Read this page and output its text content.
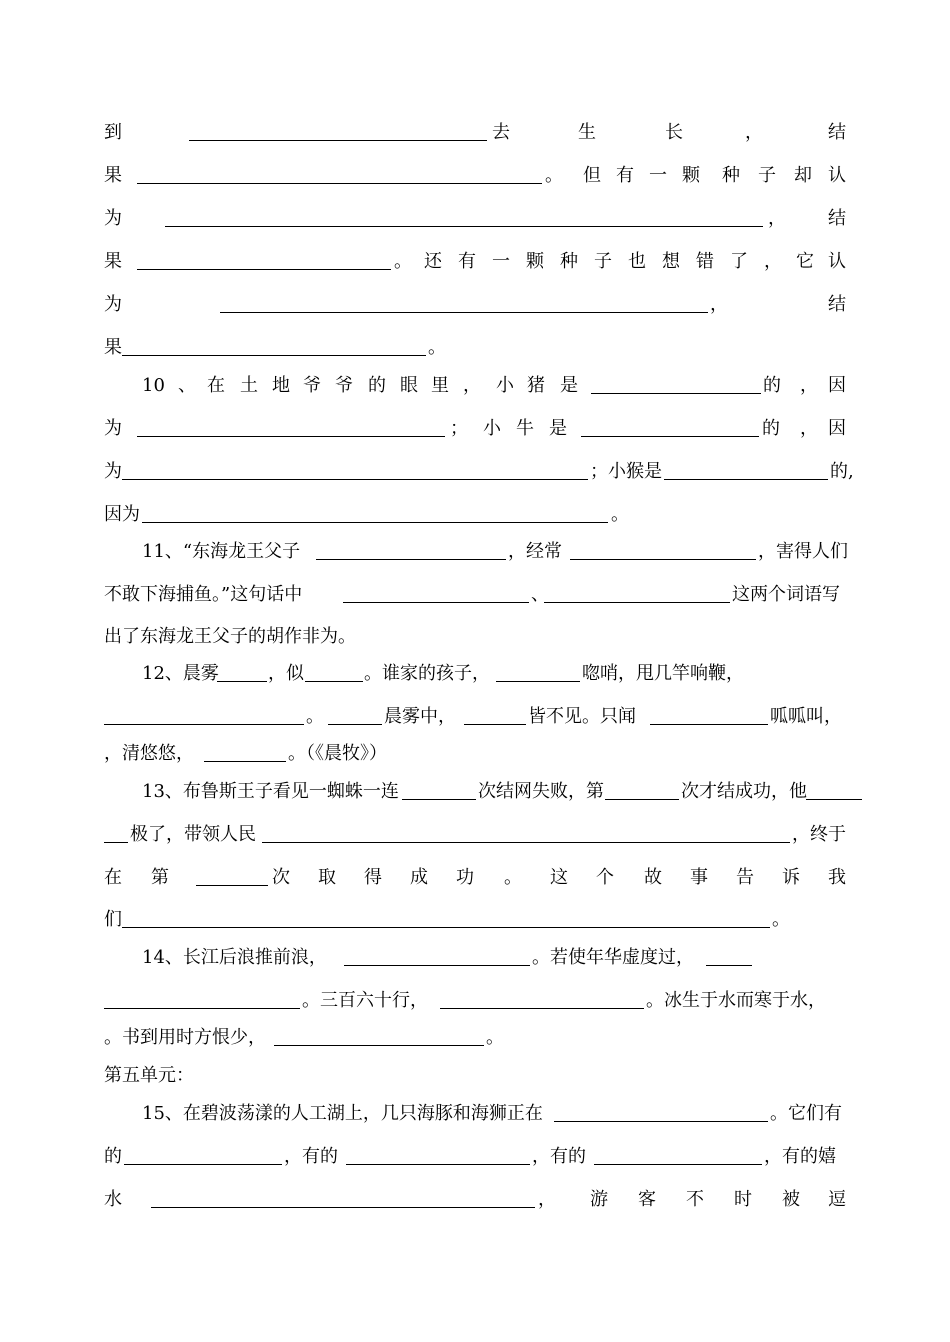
到	去	生	长	，	结
果	。 但 有 一 颗 种 子 却 认
为	， 结
果	。 还 有 一 颗 种 子 也 想 错 了 ， 它 认
为	，	结
果	。
10 、 在 土 地 爷 爷 的 眼 里 ， 小 猪 是	的 ， 因
为	； 小 牛 是	的 ， 因
为	；小猴是	的,
因为	。
11、“东海龙王父子	，经常	，害得人们
不敢下海捕鱼。”这句话中	、	这两个词语写
出了东海龙王父子的胡作非为。
12、晨雾	，似	。谁家的孩子，	唿哨，甩几竿响鞭，
。	晨雾中，	皆不见。只闻	呱呱叫，
，清悠悠，	。（《晨牧》）
13、布鲁斯王子看见一蜘蛛一连	次结网失败，第	次才结成功，他
极了，带领人民	，终于
在 第	次 取 得 成 功 。 这 个 故 事 告 诉 我
们	。
14、长江后浪推前浪，	。若使年华虚度过，
。三百六十行，	。冰生于水而寒于水，
。书到用时方恨少，	。
第五单元：
15、在碧波荡漾的人工湖上，几只海豚和海狮正在	。它们有
的	，有的	，有的	，有的嬉
水	， 游 客 不 时 被 逗
